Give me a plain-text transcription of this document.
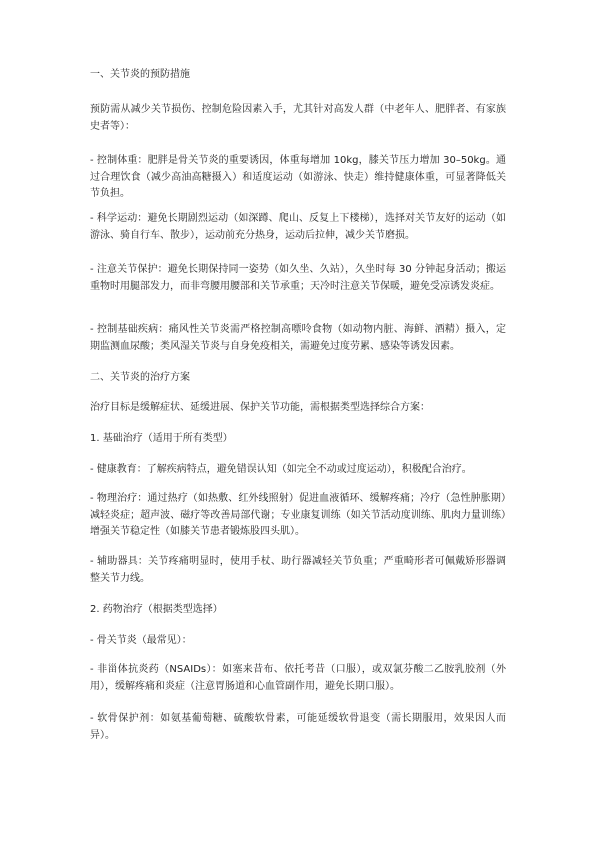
一、关节炎的预防措施

预防需从减少关节损伤、控制危险因素入手，尤其针对高发人群（中老年人、肥胖者、有家族史者等）：

- 控制体重：肥胖是骨关节炎的重要诱因，体重每增加 10kg，膝关节压力增加 30–50kg。通过合理饮食（减少高油高糖摄入）和适度运动（如游泳、快走）维持健康体重，可显著降低关节负担。

- 科学运动：避免长期剧烈运动（如深蹲、爬山、反复上下楼梯），选择对关节友好的运动（如游泳、骑自行车、散步），运动前充分热身，运动后拉伸，减少关节磨损。

- 注意关节保护：避免长期保持同一姿势（如久坐、久站），久坐时每 30 分钟起身活动；搬运重物时用腿部发力，而非弯腰用腰部和关节承重；天冷时注意关节保暖，避免受凉诱发炎症。

- 控制基础疾病：痛风性关节炎需严格控制高嘌呤食物（如动物内脏、海鲜、酒精）摄入，定期监测血尿酸；类风湿关节炎与自身免疫相关，需避免过度劳累、感染等诱发因素。

二、关节炎的治疗方案

治疗目标是缓解症状、延缓进展、保护关节功能，需根据类型选择综合方案：

1. 基础治疗（适用于所有类型）

- 健康教育：了解疾病特点，避免错误认知（如完全不动或过度运动），积极配合治疗。

- 物理治疗：通过热疗（如热敷、红外线照射）促进血液循环、缓解疼痛；冷疗（急性肿胀期）减轻炎症；超声波、磁疗等改善局部代谢；专业康复训练（如关节活动度训练、肌肉力量训练）增强关节稳定性（如膝关节患者锻炼股四头肌）。

- 辅助器具：关节疼痛明显时，使用手杖、助行器减轻关节负重；严重畸形者可佩戴矫形器调整关节力线。

2. 药物治疗（根据类型选择）

- 骨关节炎（最常见）：

- 非甾体抗炎药（NSAIDs）：如塞来昔布、依托考昔（口服），或双氯芬酸二乙胺乳胶剂（外用），缓解疼痛和炎症（注意胃肠道和心血管副作用，避免长期口服）。

- 软骨保护剂：如氨基葡萄糖、硫酸软骨素，可能延缓软骨退变（需长期服用，效果因人而异）。
